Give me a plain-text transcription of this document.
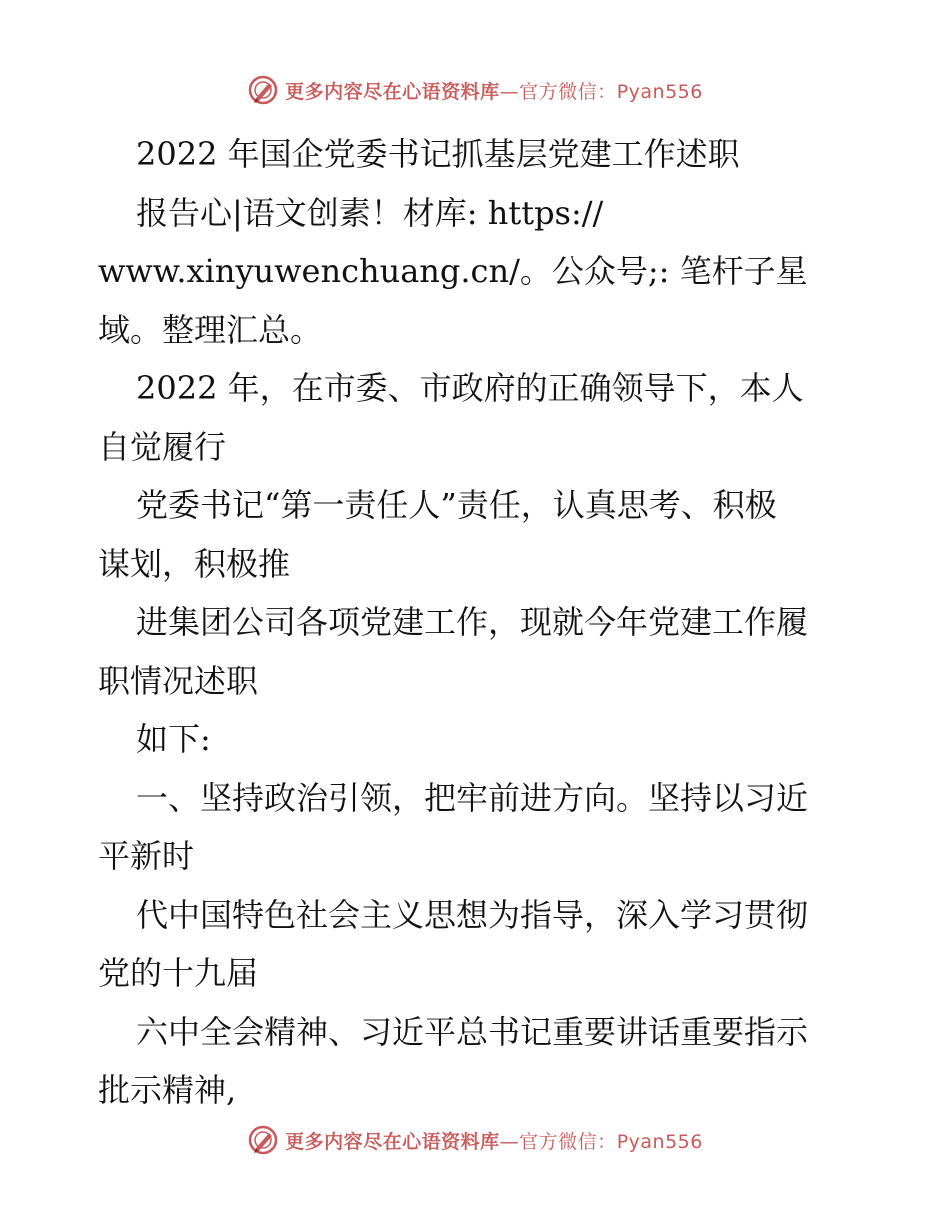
更多内容尽在心语资料库—官方微信：Pyan556
2022 年国企党委书记抓基层党建工作述职
报告心|语文创素！材库: https://
www.xinyuwenchuang.cn/。公众号;: 笔杆子星
域。整理汇总。
2022 年，在市委、市政府的正确领导下，本人
自觉履行
党委书记“第一责任人”责任，认真思考、积极
谋划，积极推
进集团公司各项党建工作，现就今年党建工作履
职情况述职
如下:
一、坚持政治引领，把牢前进方向。坚持以习近
平新时
代中国特色社会主义思想为指导，深入学习贯彻
党的十九届
六中全会精神、习近平总书记重要讲话重要指示
批示精神,
更多内容尽在心语资料库—官方微信：Pyan556
